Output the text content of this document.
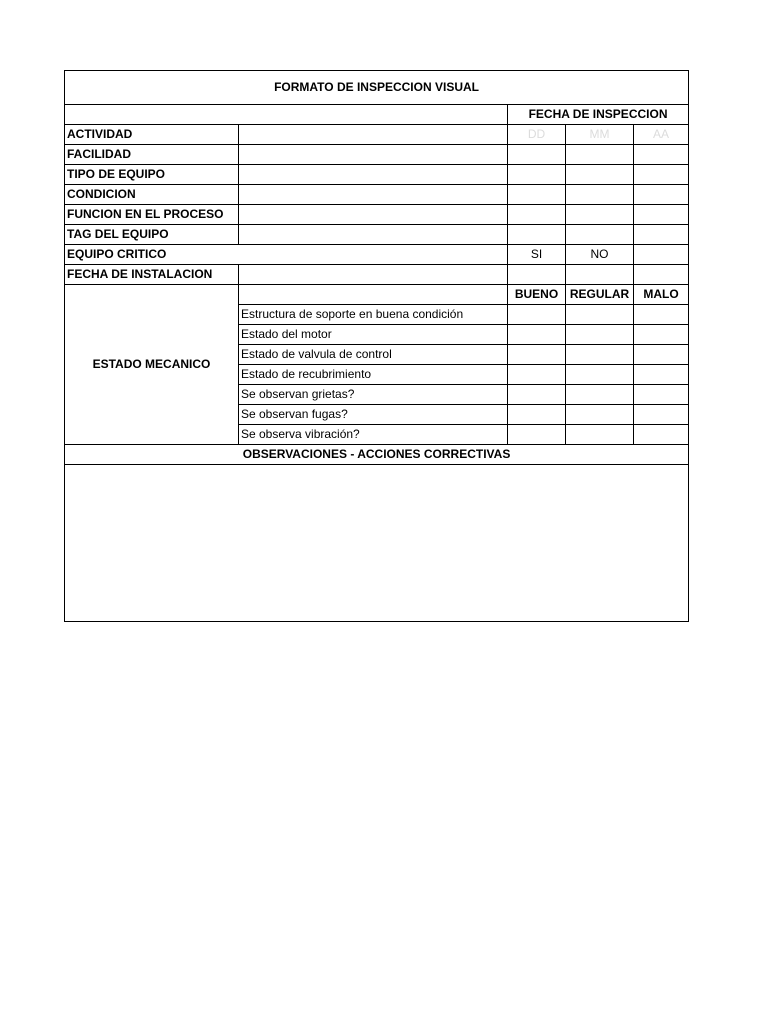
FORMATO DE INSPECCION VISUAL				
		FECHA DE INSPECCION		
ACTIVIDAD		DD	MM	AA
FACILIDAD				
TIPO DE EQUIPO				
CONDICION				
FUNCION EN EL PROCESO				
TAG DEL EQUIPO				
EQUIPO CRITICO		SI	NO	
FECHA DE INSTALACION				
ESTADO MECANICO		BUENO	REGULAR	MALO
	Estructura de soporte en buena condición			
	Estado del motor			
	Estado de valvula de control			
	Estado de recubrimiento			
	Se observan grietas?			
	Se observan fugas?			
	Se observa vibración?			
OBSERVACIONES - ACCIONES CORRECTIVAS				
